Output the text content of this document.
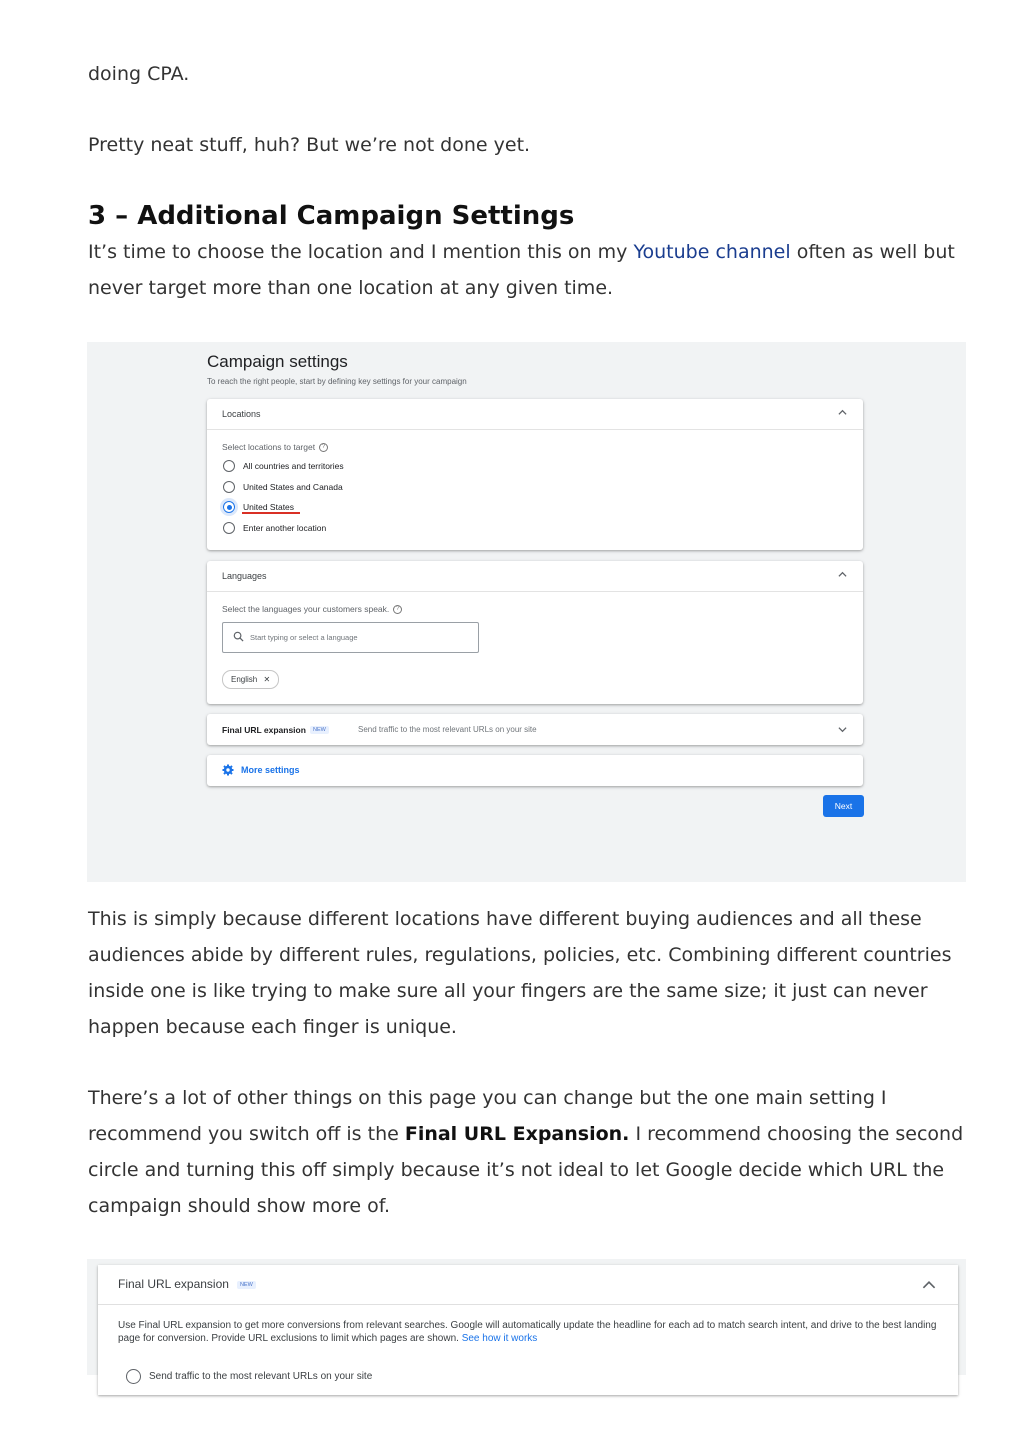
doing CPA.

Pretty neat stuff, huh? But we’re not done yet.

3 – Additional Campaign Settings

It’s time to choose the location and I mention this on my Youtube channel often as well but never target more than one location at any given time.

Campaign settings
To reach the right people, start by defining key settings for your campaign
Locations
Select locations to target ?
All countries and territories
United States and Canada
United States
Enter another location
Languages
Select the languages your customers speak. ?
Start typing or select a language
English ✕
Final URL expansion	NEW	Send traffic to the most relevant URLs on your site
More settings
Next

This is simply because different locations have different buying audiences and all these audiences abide by different rules, regulations, policies, etc. Combining different countries inside one is like trying to make sure all your fingers are the same size; it just can never happen because each finger is unique.

There’s a lot of other things on this page you can change but the one main setting I recommend you switch off is the Final URL Expansion. I recommend choosing the second circle and turning this off simply because it’s not ideal to let Google decide which URL the campaign should show more of.

Final URL expansion NEW
Use Final URL expansion to get more conversions from relevant searches. Google will automatically update the headline for each ad to match search intent, and drive to the best landing page for conversion. Provide URL exclusions to limit which pages are shown. See how it works
Send traffic to the most relevant URLs on your site
